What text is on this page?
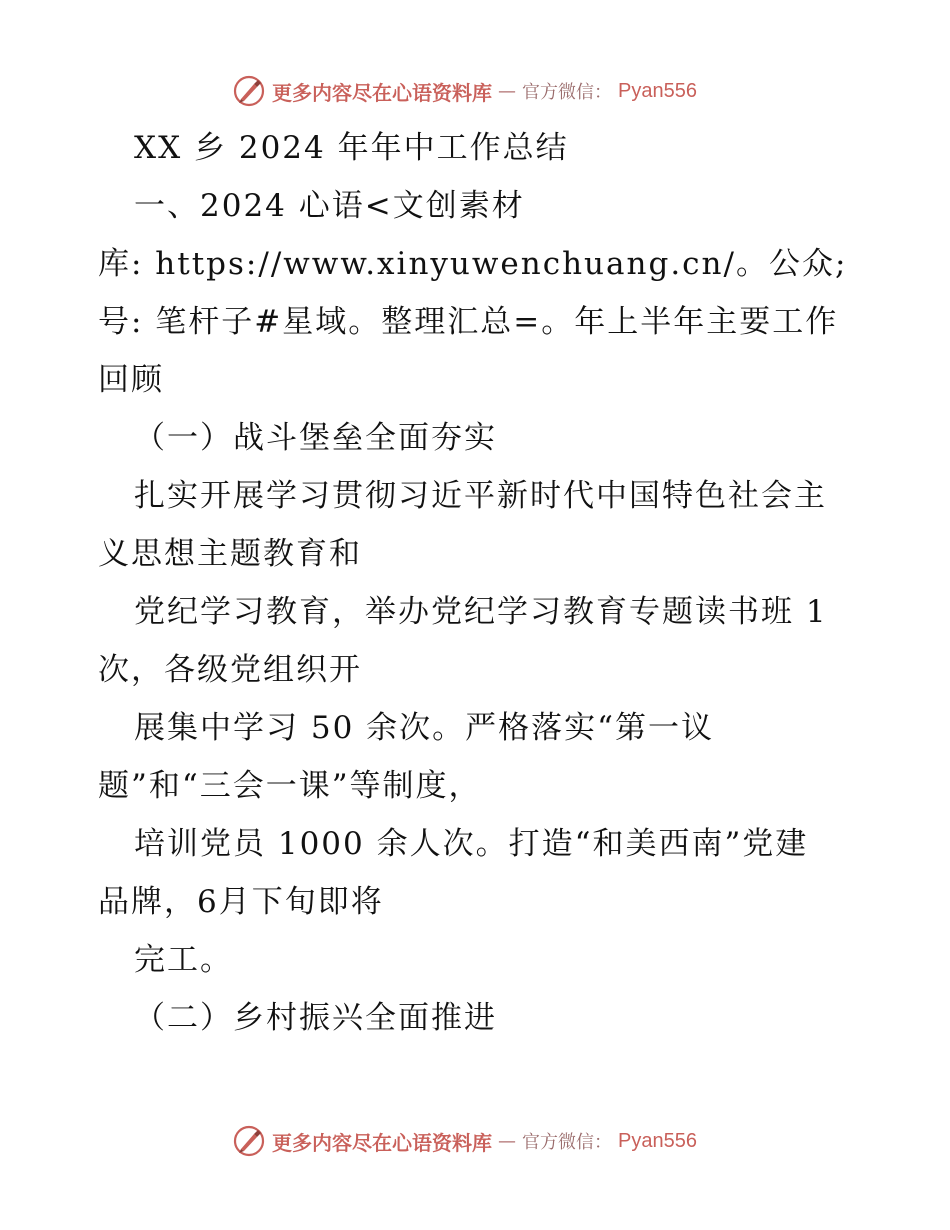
更多内容尽在心语资料库 — 官方微信： Pyan556
XX 乡 2024 年年中工作总结
一、2024 心语<文创素材
库: https://www.xinyuwenchuang.cn/。公众;
号: 笔杆子#星域。整理汇总=。年上半年主要工作
回顾
（一）战斗堡垒全面夯实
扎实开展学习贯彻习近平新时代中国特色社会主
义思想主题教育和
党纪学习教育，举办党纪学习教育专题读书班 1
次，各级党组织开
展集中学习 50 余次。严格落实“第一议
题”和“三会一课”等制度，
培训党员 1000 余人次。打造“和美西南”党建
品牌，6月下旬即将
完工。
（二）乡村振兴全面推进
更多内容尽在心语资料库 — 官方微信： Pyan556
